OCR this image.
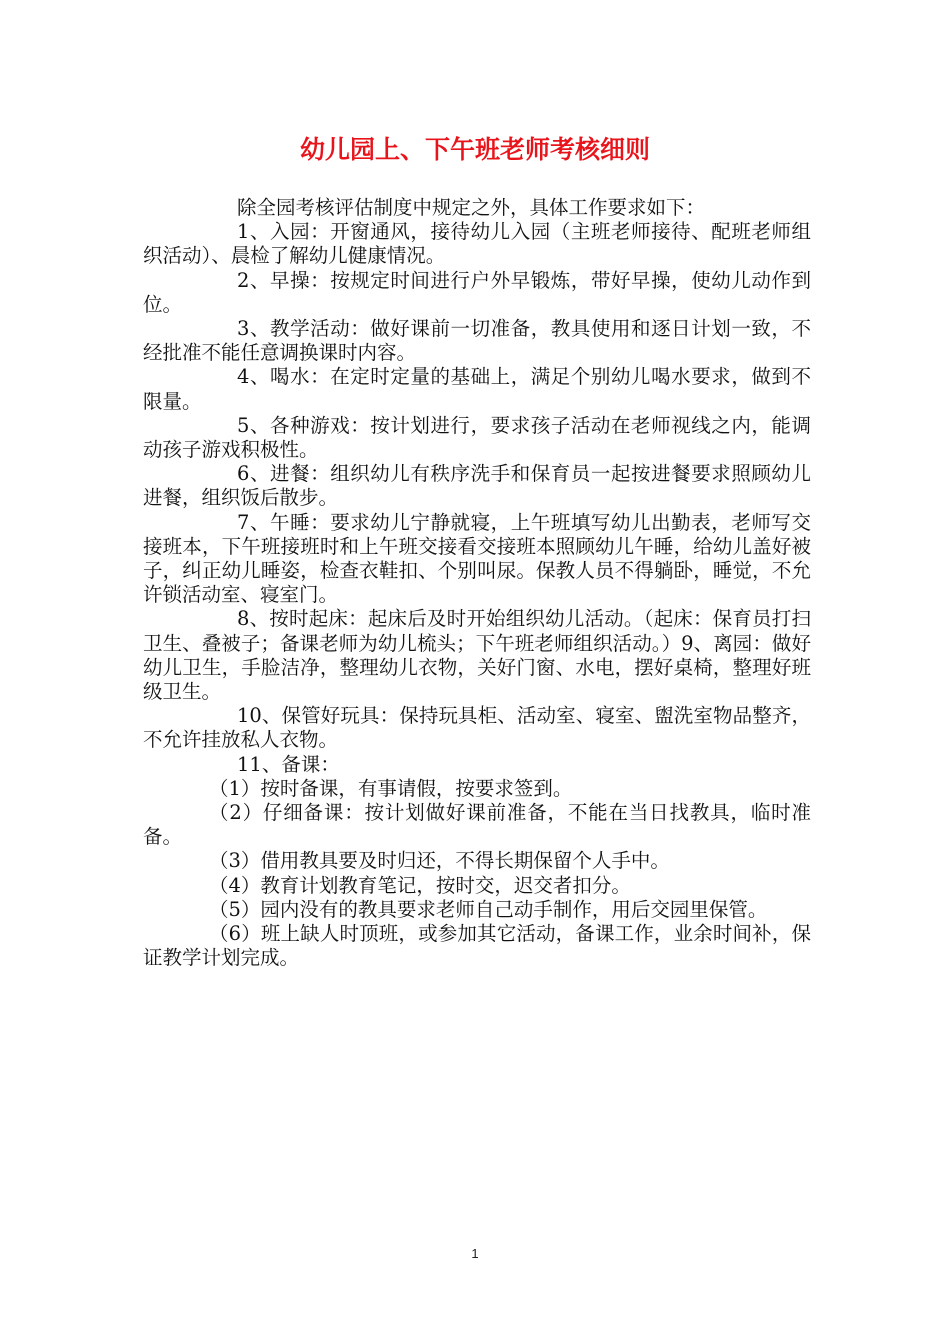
幼儿园上、下午班老师考核细则

除全园考核评估制度中规定之外，具体工作要求如下：

1、入园：开窗通风，接待幼儿入园（主班老师接待、配班老师组织活动）、晨检了解幼儿健康情况。

2、早操：按规定时间进行户外早锻炼，带好早操，使幼儿动作到位。

3、教学活动：做好课前一切准备，教具使用和逐日计划一致，不经批准不能任意调换课时内容。

4、喝水：在定时定量的基础上，满足个别幼儿喝水要求，做到不限量。

5、各种游戏：按计划进行，要求孩子活动在老师视线之内，能调动孩子游戏积极性。

6、进餐：组织幼儿有秩序洗手和保育员一起按进餐要求照顾幼儿进餐，组织饭后散步。

7、午睡：要求幼儿宁静就寝，上午班填写幼儿出勤表，老师写交接班本，下午班接班时和上午班交接看交接班本照顾幼儿午睡，给幼儿盖好被子，纠正幼儿睡姿，检查衣鞋扣、个别叫尿。保教人员不得躺卧，睡觉，不允许锁活动室、寝室门。

8、按时起床：起床后及时开始组织幼儿活动。（起床：保育员打扫卫生、叠被子；备课老师为幼儿梳头；下午班老师组织活动。）9、离园：做好幼儿卫生，手脸洁净，整理幼儿衣物，关好门窗、水电，摆好桌椅，整理好班级卫生。

10、保管好玩具：保持玩具柜、活动室、寝室、盥洗室物品整齐，不允许挂放私人衣物。

11、备课：

（1）按时备课，有事请假，按要求签到。

（2）仔细备课：按计划做好课前准备，不能在当日找教具，临时准备。

（3）借用教具要及时归还，不得长期保留个人手中。

（4）教育计划教育笔记，按时交，迟交者扣分。

（5）园内没有的教具要求老师自己动手制作，用后交园里保管。

（6）班上缺人时顶班，或参加其它活动，备课工作，业余时间补，保证教学计划完成。

1
